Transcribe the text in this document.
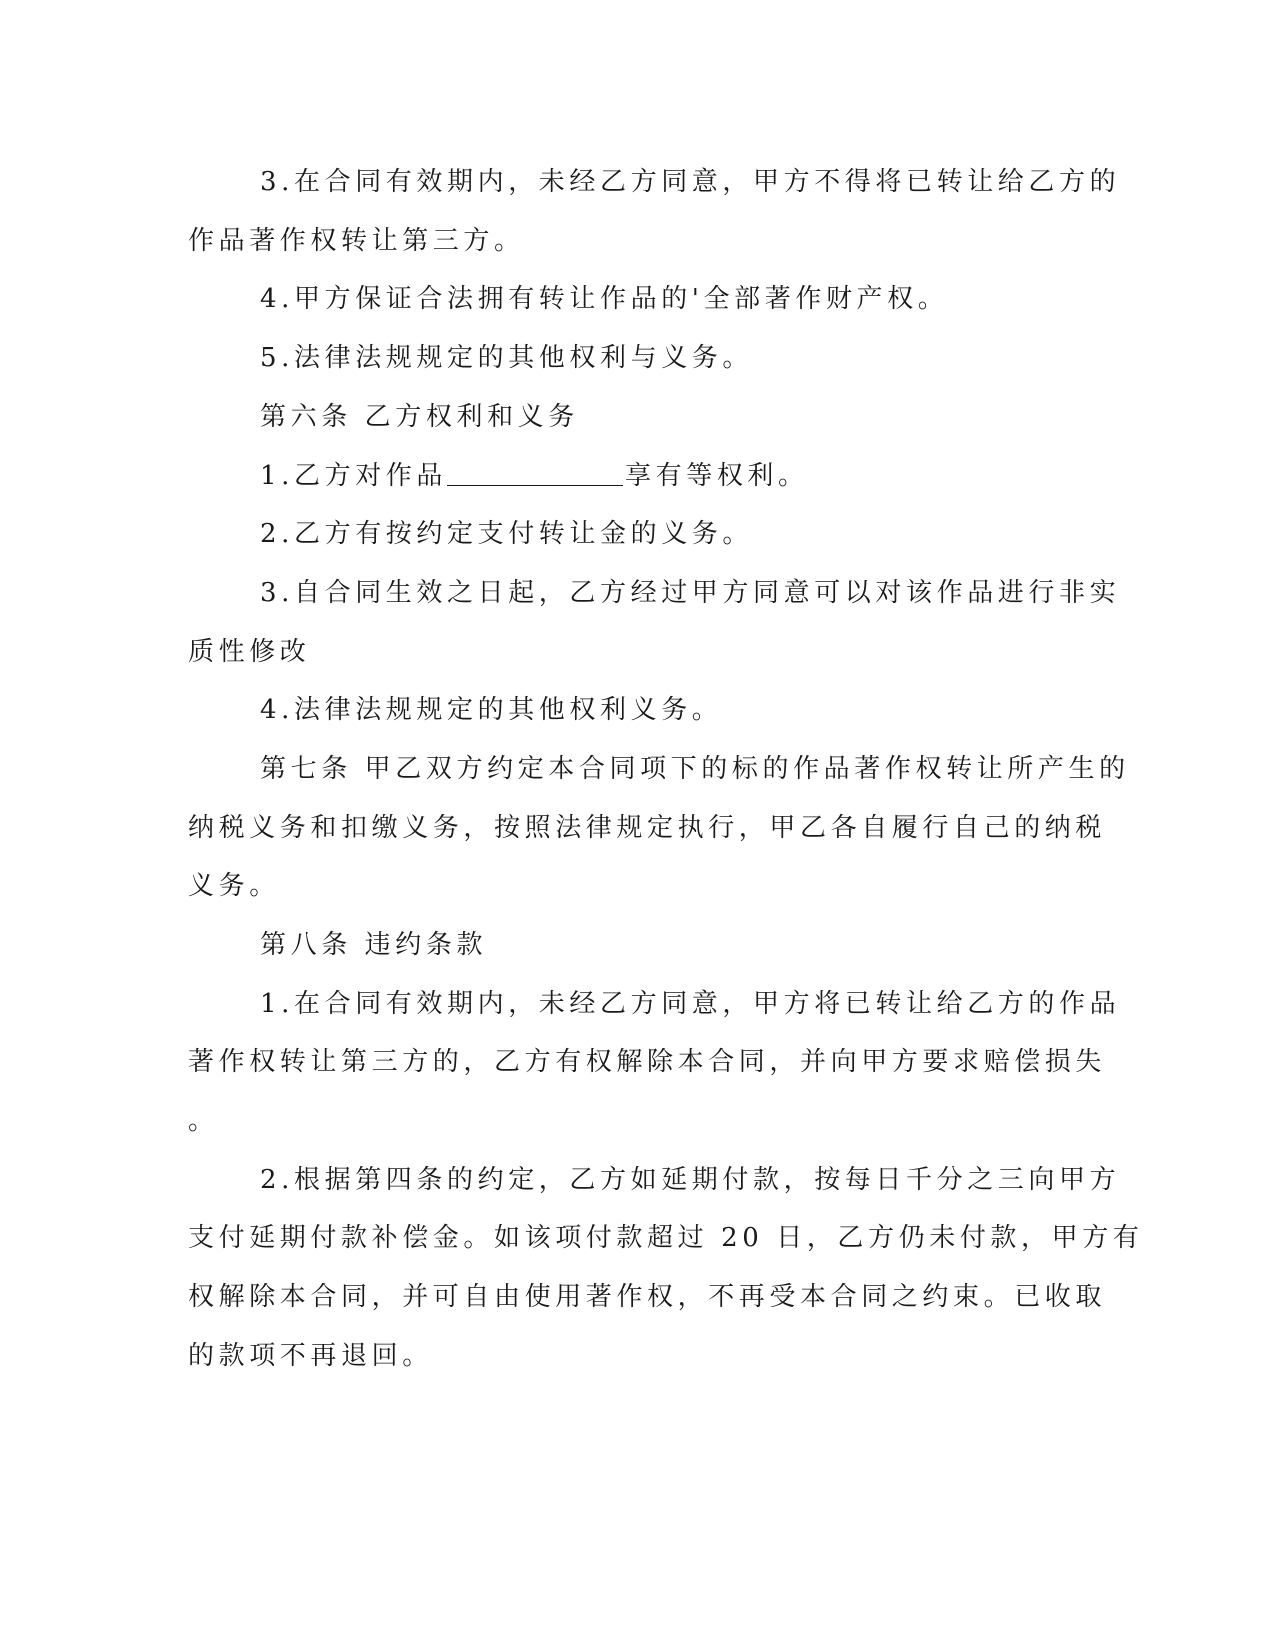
3.在合同有效期内，未经乙方同意，甲方不得将已转让给乙方的
作品著作权转让第三方。
4.甲方保证合法拥有转让作品的'全部著作财产权。
5.法律法规规定的其他权利与义务。
第六条 乙方权利和义务
1.乙方对作品	享有等权利。
2.乙方有按约定支付转让金的义务。
3.自合同生效之日起，乙方经过甲方同意可以对该作品进行非实
质性修改
4.法律法规规定的其他权利义务。
第七条 甲乙双方约定本合同项下的标的作品著作权转让所产生的
纳税义务和扣缴义务，按照法律规定执行，甲乙各自履行自己的纳税
义务。
第八条 违约条款
1.在合同有效期内，未经乙方同意，甲方将已转让给乙方的作品
著作权转让第三方的，乙方有权解除本合同，并向甲方要求赔偿损失
。
2.根据第四条的约定，乙方如延期付款，按每日千分之三向甲方
支付延期付款补偿金。如该项付款超过 20 日，乙方仍未付款，甲方有
权解除本合同，并可自由使用著作权，不再受本合同之约束。已收取
的款项不再退回。
